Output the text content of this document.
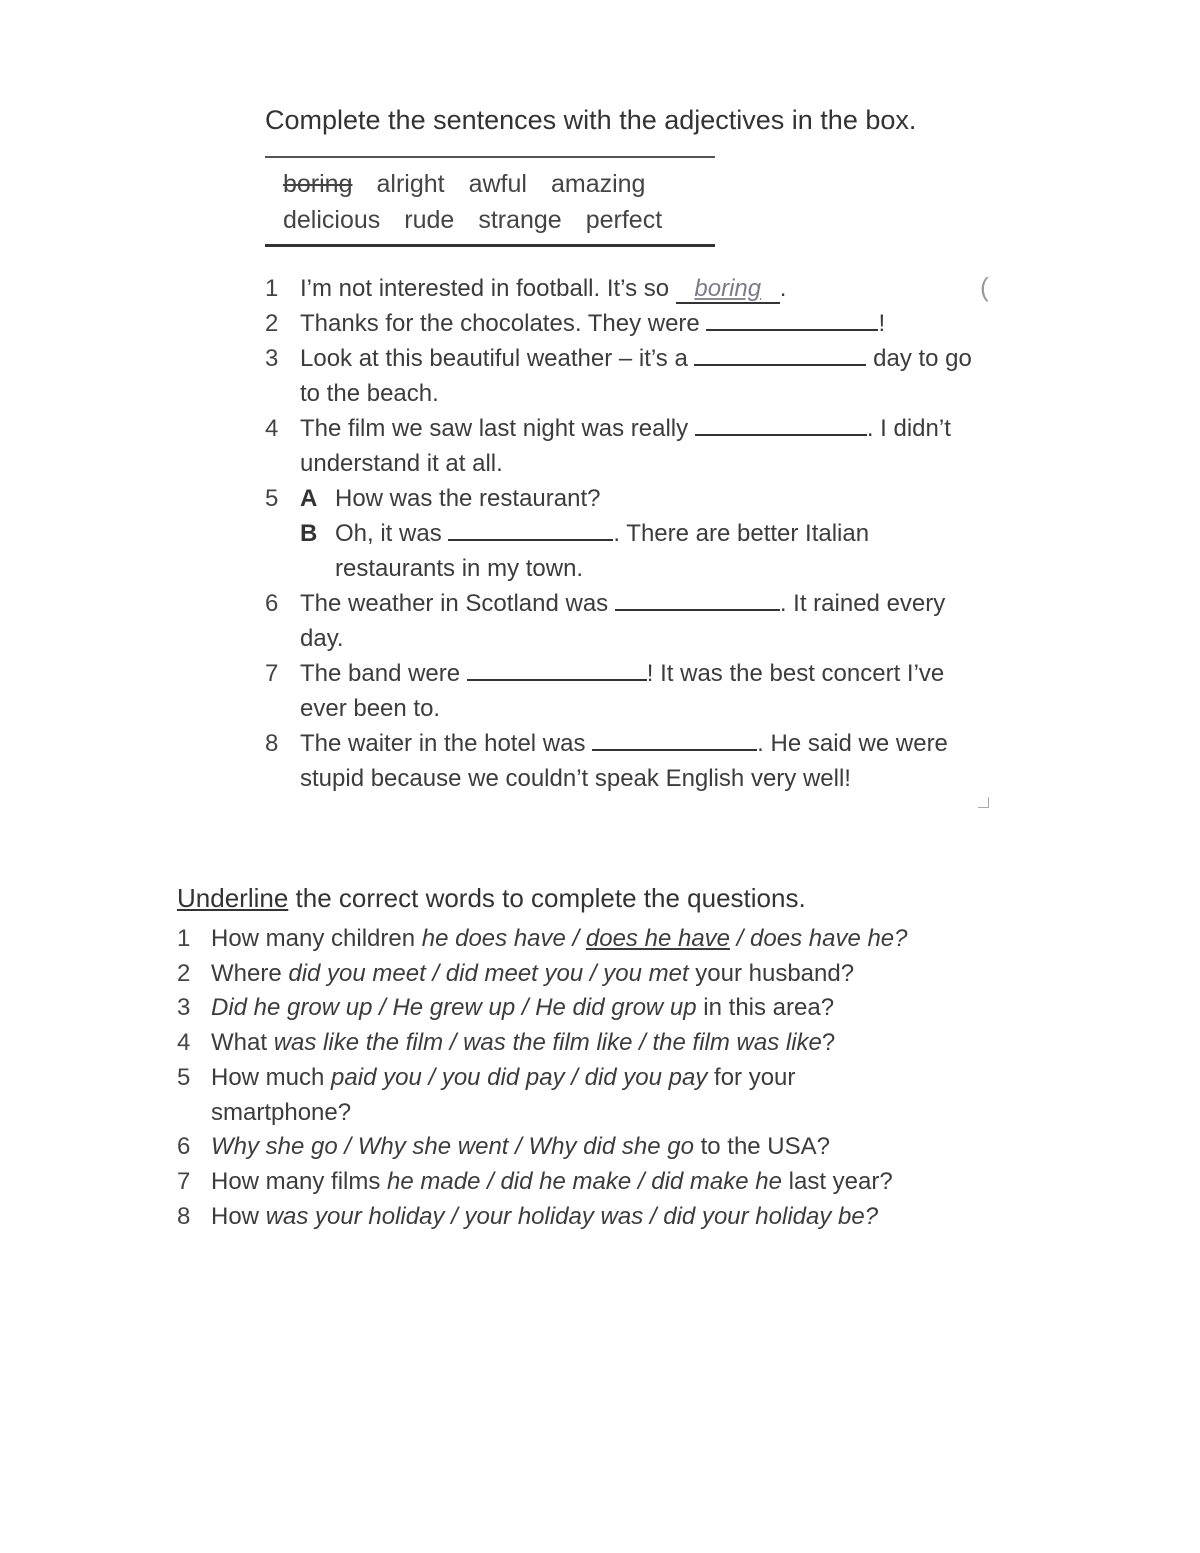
Complete the sentences with the adjectives in the box.

boring alright awful amazing
delicious rude strange perfect
1 I’m not interested in football. It’s so boring .
2 Thanks for the chocolates. They were	!
3 Look at this beautiful weather – it’s a	day to go to the beach.
4 The film we saw last night was really	. I didn’t understand it at all.
5 A How was the restaurant?
B Oh, it was	. There are better Italian restaurants in my town.
6 The weather in Scotland was	. It rained every day.
7 The band were	! It was the best concert I’ve ever been to.
8 The waiter in the hotel was	. He said we were stupid because we couldn’t speak English very well!
(

Underline the correct words to complete the questions.

1 How many children he does have / does he have / does have he?
2 Where did you meet / did meet you / you met your husband?
3 Did he grow up / He grew up / He did grow up in this area?
4 What was like the film / was the film like / the film was like?
5 How much paid you / you did pay / did you pay for your smartphone?
6 Why she go / Why she went / Why did she go to the USA?
7 How many films he made / did he make / did make he last year?
8 How was your holiday / your holiday was / did your holiday be?
